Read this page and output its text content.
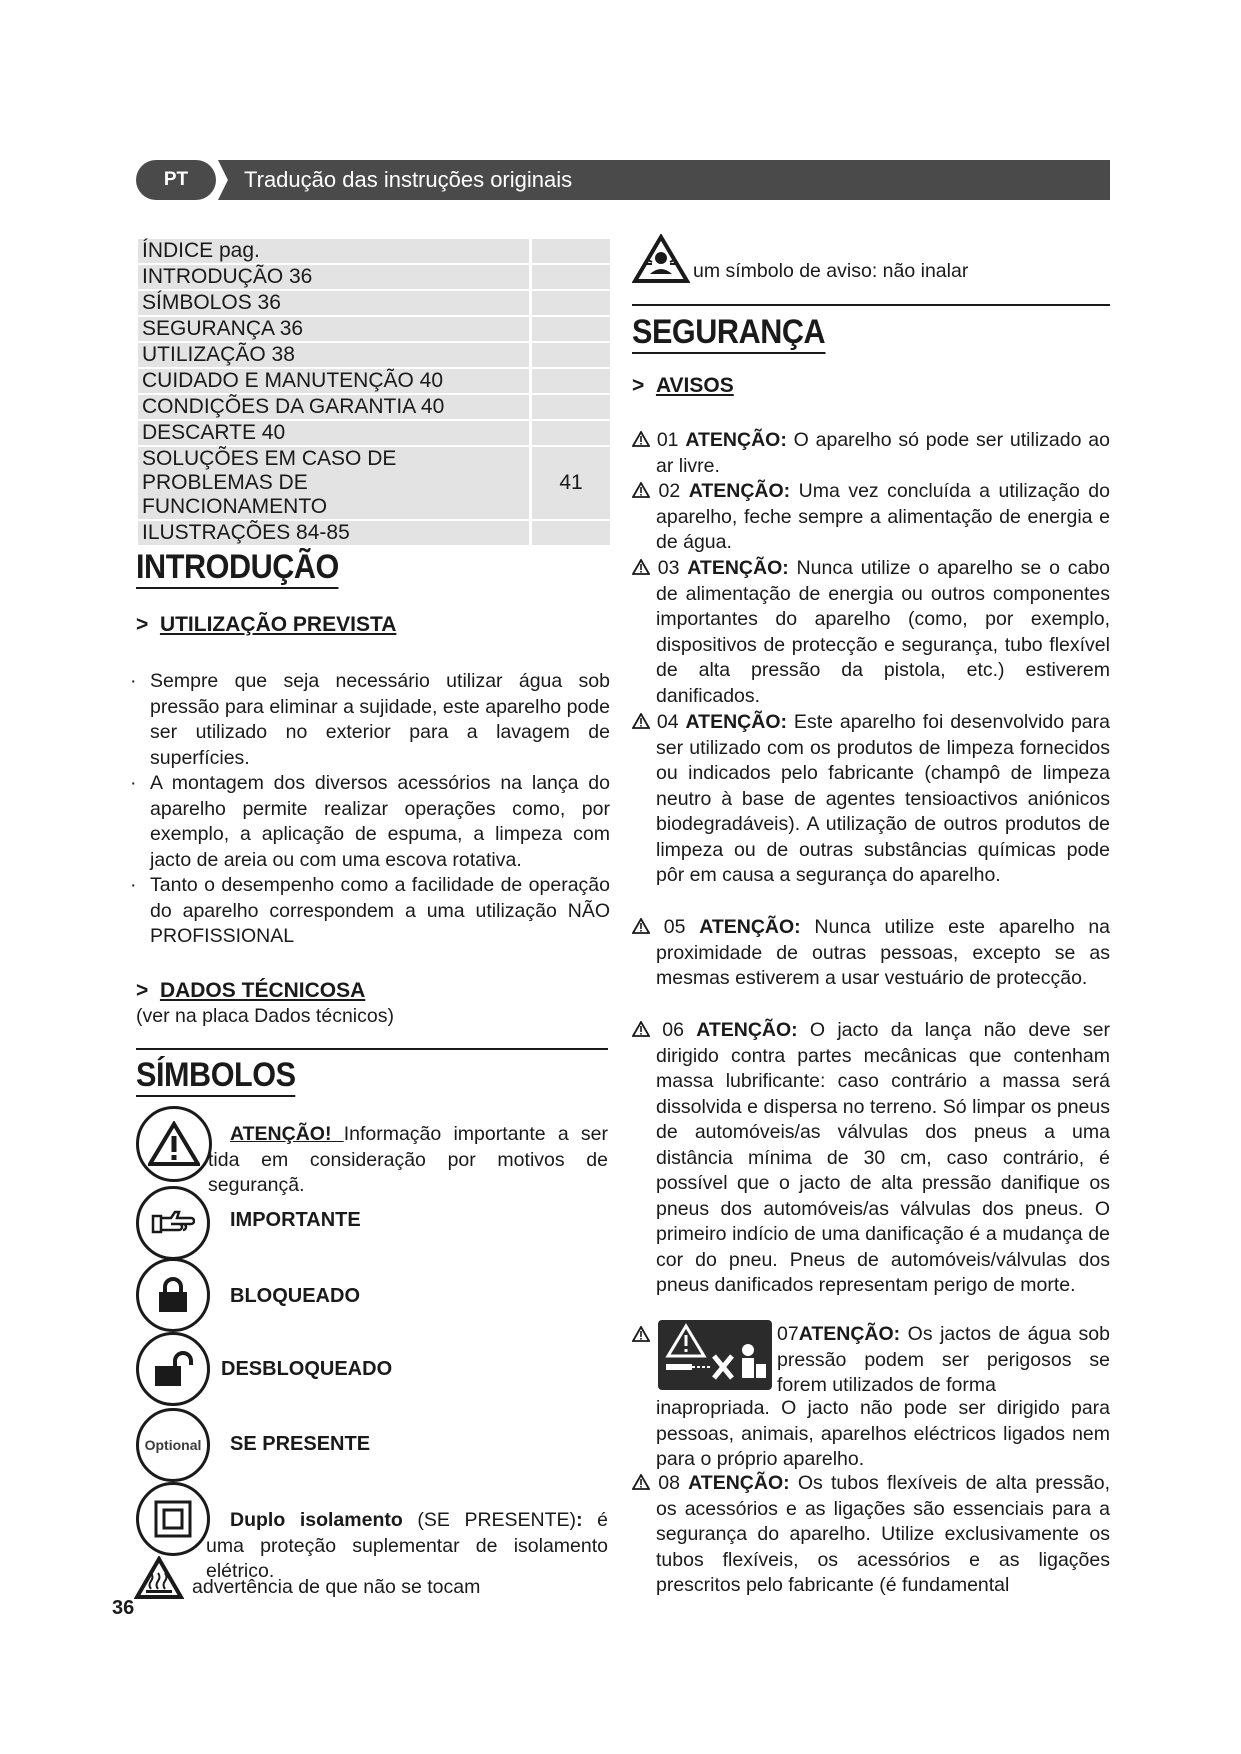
PT	Tradução das instruções originais
ÍNDICE pag.	
INTRODUÇÃO 36	
SÍMBOLOS 36	
SEGURANÇA 36	
UTILIZAÇÃO 38	
CUIDADO E MANUTENÇÃO 40	
CONDIÇÕES DA GARANTIA 40	
DESCARTE 40	
SOLUÇÕES EM CASO DE PROBLEMAS DE FUNCIONAMENTO	41
ILUSTRAÇÕES 84-85	
INTRODUÇÃO
> UTILIZAÇÃO PREVISTA
· Sempre que seja necessário utilizar água sob pressão para eliminar a sujidade, este aparelho pode ser utilizado no exterior para a lavagem de superfícies.
· A montagem dos diversos acessórios na lança do aparelho permite realizar operações como, por exemplo, a aplicação de espuma, a limpeza com jacto de areia ou com uma escova rotativa.
· Tanto o desempenho como a facilidade de operação do aparelho correspondem a uma utilização NÃO PROFISSIONAL
> DADOS TÉCNICOSA
(ver na placa Dados técnicos)
SÍMBOLOS
ATENÇÃO! Informação importante a ser tida em consideração por motivos de segurançã.
IMPORTANTE
BLOQUEADO
DESBLOQUEADO
Optional SE PRESENTE
Duplo isolamento (SE PRESENTE): é uma proteção suplementar de isolamento elétrico.
advertência de que não se tocam
36
um símbolo de aviso: não inalar
SEGURANÇA
> AVISOS
01 ATENÇÃO: O aparelho só pode ser utilizado ao ar livre.
02 ATENÇÃO: Uma vez concluída a utilização do aparelho, feche sempre a alimentação de energia e de água.
03 ATENÇÃO: Nunca utilize o aparelho se o cabo de alimentação de energia ou outros componentes importantes do aparelho (como, por exemplo, dispositivos de protecção e segurança, tubo flexível de alta pressão da pistola, etc.) estiverem danificados.
04 ATENÇÃO: Este aparelho foi desenvolvido para ser utilizado com os produtos de limpeza fornecidos ou indicados pelo fabricante (champô de limpeza neutro à base de agentes tensioactivos aniónicos biodegradáveis). A utilização de outros produtos de limpeza ou de outras substâncias químicas pode pôr em causa a segurança do aparelho.
05 ATENÇÃO: Nunca utilize este aparelho na proximidade de outras pessoas, excepto se as mesmas estiverem a usar vestuário de protecção.
06 ATENÇÃO: O jacto da lança não deve ser dirigido contra partes mecânicas que contenham massa lubrificante: caso contrário a massa será dissolvida e dispersa no terreno. Só limpar os pneus de automóveis/as válvulas dos pneus a uma distância mínima de 30 cm, caso contrário, é possível que o jacto de alta pressão danifique os pneus dos automóveis/as válvulas dos pneus. O primeiro indício de uma danificação é a mudança de cor do pneu. Pneus de automóveis/válvulas dos pneus danificados representam perigo de morte.
07ATENÇÃO: Os jactos de água sob pressão podem ser perigosos se forem utilizados de forma
inapropriada. O jacto não pode ser dirigido para pessoas, animais, aparelhos eléctricos ligados nem para o próprio aparelho.
08 ATENÇÃO: Os tubos flexíveis de alta pressão, os acessórios e as ligações são essenciais para a segurança do aparelho. Utilize exclusivamente os tubos flexíveis, os acessórios e as ligações prescritos pelo fabricante (é fundamental
